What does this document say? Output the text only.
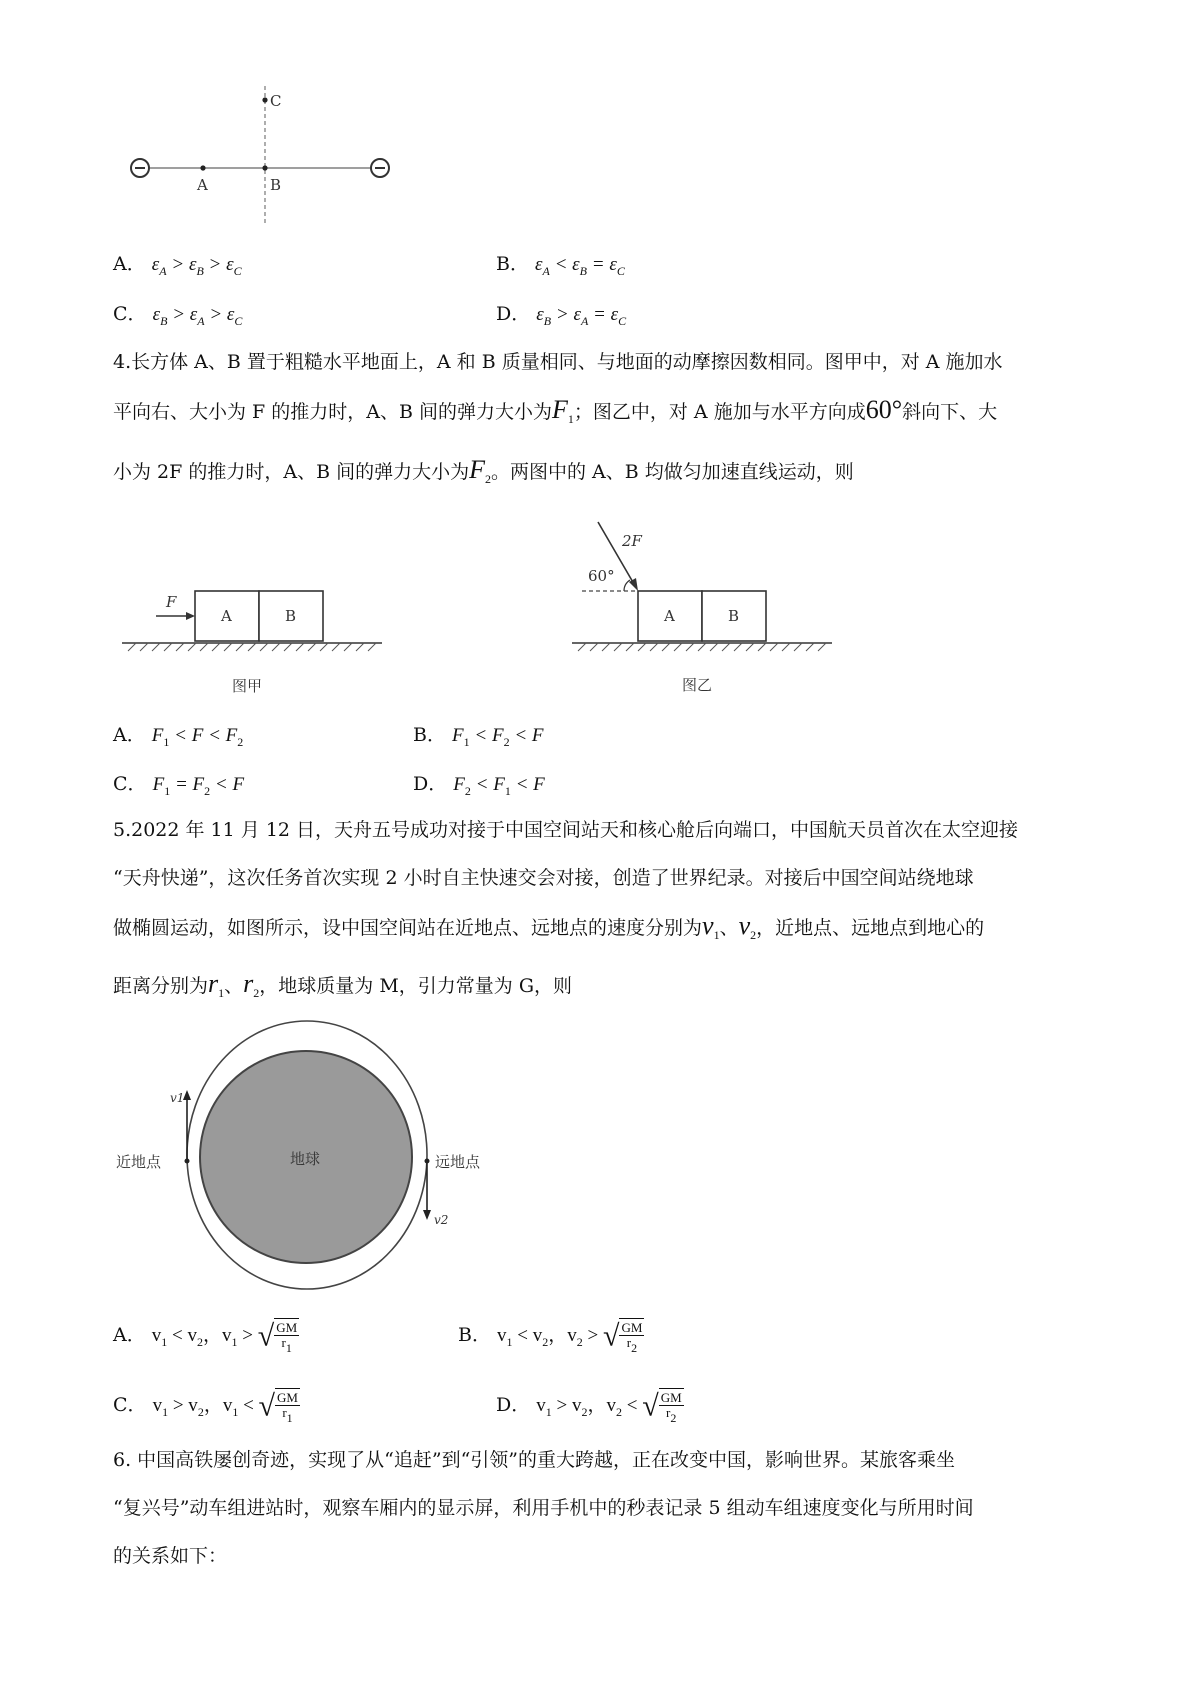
A	B
C
A． $\varepsilon_A > \varepsilon_B > \varepsilon_C$	B． $\varepsilon_A < \varepsilon_B = \varepsilon_C$
C． $\varepsilon_B > \varepsilon_A > \varepsilon_C$	D． $\varepsilon_B > \varepsilon_A = \varepsilon_C$
4.长方体 A、B 置于粗糙水平地面上，A 和 B 质量相同、与地面的动摩擦因数相同。图甲中，对 A 施加水
平向右、大小为 F 的推力时，A、B 间的弹力大小为F1；图乙中，对 A 施加与水平方向成60°斜向下、大
小为 2F 的推力时，A、B 间的弹力大小为F2。两图中的 A、B 均做匀加速直线运动，则
A	B
F
图甲
A	B
60°
2F
图乙
A． $F_1 < F < F_2$	B． $F_1 < F_2 < F$
C． $F_1 = F_2 < F$	D． $F_2 < F_1 < F$
5.2022 年 11 月 12 日，天舟五号成功对接于中国空间站天和核心舱后向端口，中国航天员首次在太空迎接
“天舟快递”，这次任务首次实现 2 小时自主快速交会对接，创造了世界纪录。对接后中国空间站绕地球
做椭圆运动，如图所示，设中国空间站在近地点、远地点的速度分别为v1、v2，近地点、远地点到地心的
距离分别为r1、r2，地球质量为 M，引力常量为 G，则
地球
v1
近地点
v2
远地点
A． $v_1 < v_2$，$v_1$ > √ $\frac{GM}{r1}$	B． $v_1 < v_2$，$v_2$ > √ $\frac{GM}{r2}$
C． $v_1 > v_2$，$v_1$ < √ $\frac{GM}{r1}$	D． $v_1 > v_2$，$v_2$ < √ $\frac{GM}{r2}$
6. 中国高铁屡创奇迹，实现了从“追赶”到“引领”的重大跨越，正在改变中国，影响世界。某旅客乘坐
“复兴号”动车组进站时，观察车厢内的显示屏，利用手机中的秒表记录 5 组动车组速度变化与所用时间
的关系如下：
